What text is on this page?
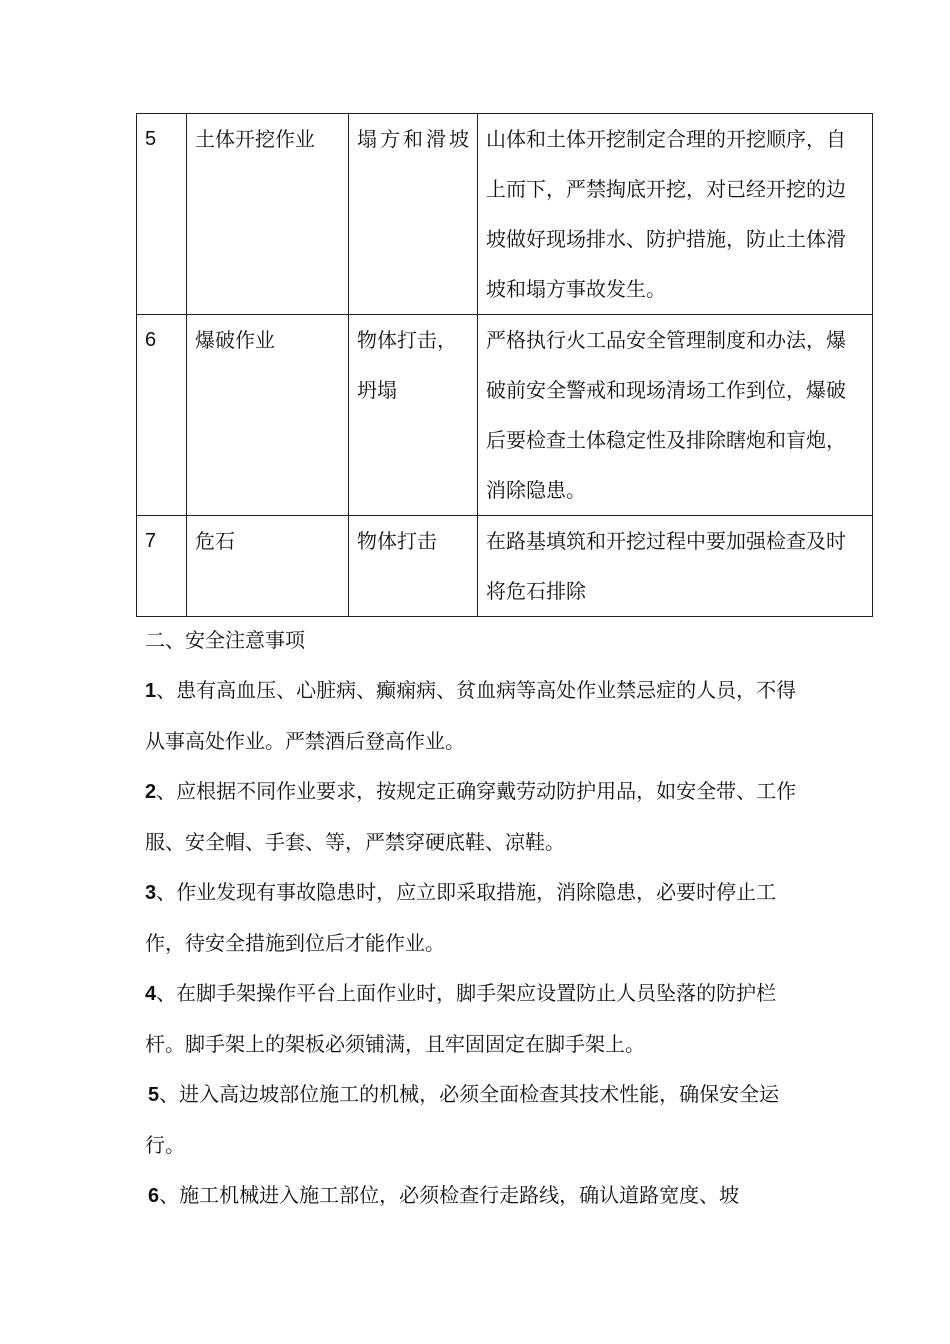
5	土体开挖作业	塌方和滑坡	山体和土体开挖制定合理的开挖顺序，自上而下，严禁掏底开挖，对已经开挖的边坡做好现场排水、防护措施，防止土体滑坡和塌方事故发生。
6	爆破作业	物体打击，坍塌	严格执行火工品安全管理制度和办法，爆破前安全警戒和现场清场工作到位，爆破后要检查土体稳定性及排除瞎炮和盲炮，消除隐患。
7	危石	物体打击	在路基填筑和开挖过程中要加强检查及时将危石排除
二、安全注意事项
1、患有高血压、心脏病、癫痫病、贫血病等高处作业禁忌症的人员，不得从事高处作业。严禁酒后登高作业。
2、应根据不同作业要求，按规定正确穿戴劳动防护用品，如安全带、工作服、安全帽、手套、等，严禁穿硬底鞋、凉鞋。
3、作业发现有事故隐患时，应立即采取措施，消除隐患，必要时停止工作，待安全措施到位后才能作业。
4、在脚手架操作平台上面作业时，脚手架应设置防止人员坠落的防护栏杆。脚手架上的架板必须铺满，且牢固固定在脚手架上。
5、进入高边坡部位施工的机械，必须全面检查其技术性能，确保安全运行。
6、施工机械进入施工部位，必须检查行走路线，确认道路宽度、坡
